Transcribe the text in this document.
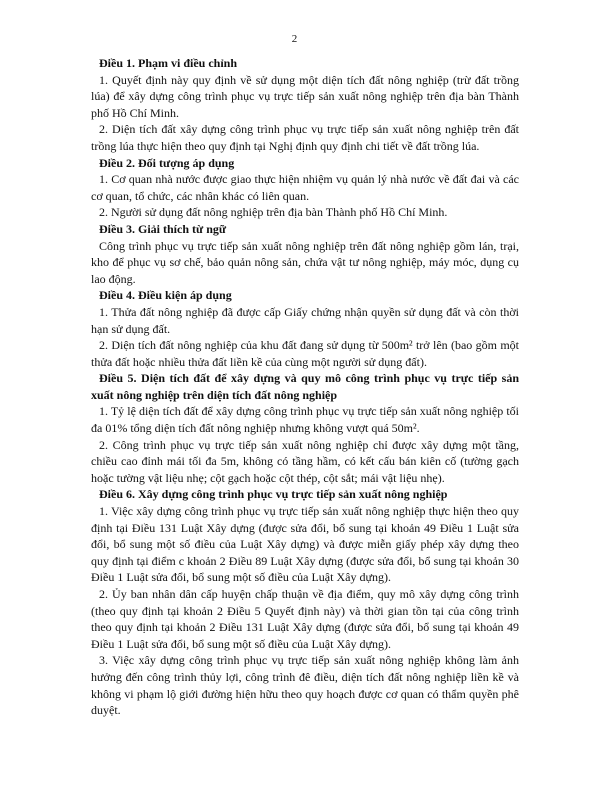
2

Điều 1. Phạm vi điều chỉnh

1. Quyết định này quy định về sử dụng một diện tích đất nông nghiệp (trừ đất trồng lúa) để xây dựng công trình phục vụ trực tiếp sản xuất nông nghiệp trên địa bàn Thành phố Hồ Chí Minh.

2. Diện tích đất xây dựng công trình phục vụ trực tiếp sản xuất nông nghiệp trên đất trồng lúa thực hiện theo quy định tại Nghị định quy định chi tiết về đất trồng lúa.

Điều 2. Đối tượng áp dụng

1. Cơ quan nhà nước được giao thực hiện nhiệm vụ quản lý nhà nước về đất đai và các cơ quan, tổ chức, các nhân khác có liên quan.

2. Người sử dụng đất nông nghiệp trên địa bàn Thành phố Hồ Chí Minh.

Điều 3. Giải thích từ ngữ

Công trình phục vụ trực tiếp sản xuất nông nghiệp trên đất nông nghiệp gồm lán, trại, kho để phục vụ sơ chế, bảo quản nông sản, chứa vật tư nông nghiệp, máy móc, dụng cụ lao động.

Điều 4. Điều kiện áp dụng

1. Thửa đất nông nghiệp đã được cấp Giấy chứng nhận quyền sử dụng đất và còn thời hạn sử dụng đất.

2. Diện tích đất nông nghiệp của khu đất đang sử dụng từ 500m² trở lên (bao gồm một thửa đất hoặc nhiều thửa đất liền kề của cùng một người sử dụng đất).

Điều 5. Diện tích đất để xây dựng và quy mô công trình phục vụ trực tiếp sản xuất nông nghiệp trên diện tích đất nông nghiệp

1. Tỷ lệ diện tích đất để xây dựng công trình phục vụ trực tiếp sản xuất nông nghiệp tối đa 01% tổng diện tích đất nông nghiệp nhưng không vượt quá 50m².

2. Công trình phục vụ trực tiếp sản xuất nông nghiệp chỉ được xây dựng một tầng, chiều cao đỉnh mái tối đa 5m, không có tầng hầm, có kết cấu bán kiên cố (tường gạch hoặc tường vật liệu nhẹ; cột gạch hoặc cột thép, cột sắt; mái vật liệu nhẹ).

Điều 6. Xây dựng công trình phục vụ trực tiếp sản xuất nông nghiệp

1. Việc xây dựng công trình phục vụ trực tiếp sản xuất nông nghiệp thực hiện theo quy định tại Điều 131 Luật Xây dựng (được sửa đổi, bổ sung tại khoản 49 Điều 1 Luật sửa đổi, bổ sung một số điều của Luật Xây dựng) và được miễn giấy phép xây dựng theo quy định tại điểm c khoản 2 Điều 89 Luật Xây dựng (được sửa đổi, bổ sung tại khoản 30 Điều 1 Luật sửa đổi, bổ sung một số điều của Luật Xây dựng).

2. Ủy ban nhân dân cấp huyện chấp thuận về địa điểm, quy mô xây dựng công trình (theo quy định tại khoản 2 Điều 5 Quyết định này) và thời gian tồn tại của công trình theo quy định tại khoản 2 Điều 131 Luật Xây dựng (được sửa đổi, bổ sung tại khoản 49 Điều 1 Luật sửa đổi, bổ sung một số điều của Luật Xây dựng).

3. Việc xây dựng công trình phục vụ trực tiếp sản xuất nông nghiệp không làm ảnh hưởng đến công trình thủy lợi, công trình đê điều, diện tích đất nông nghiệp liền kề và không vi phạm lộ giới đường hiện hữu theo quy hoạch được cơ quan có thẩm quyền phê duyệt.
